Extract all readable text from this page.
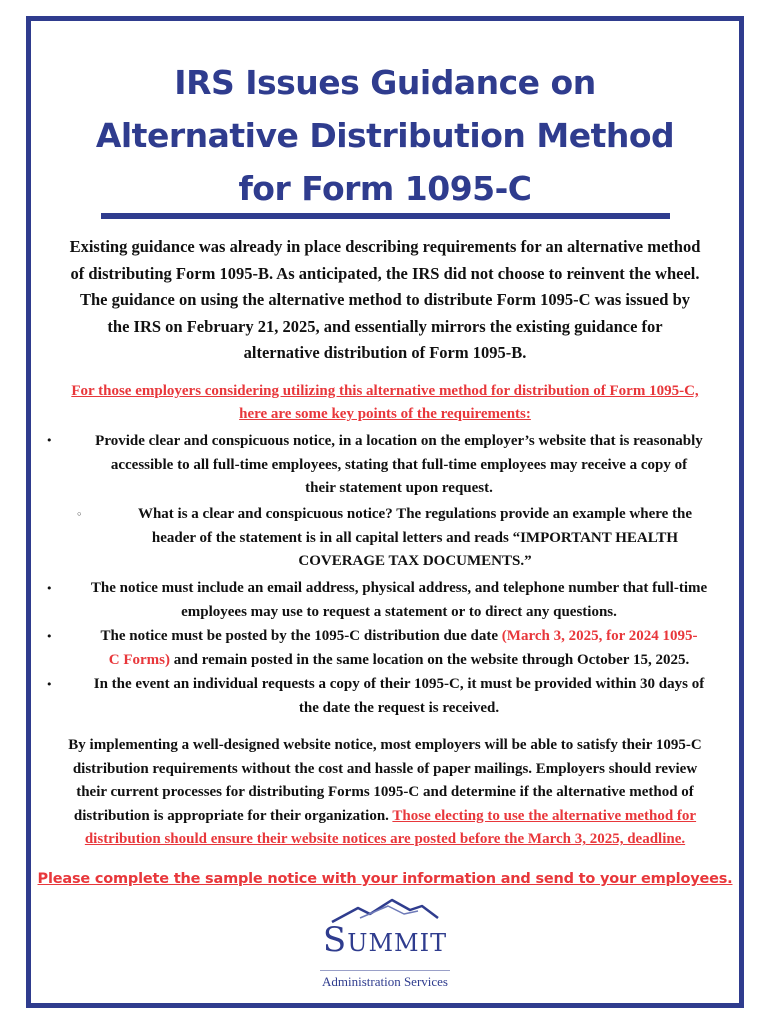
IRS Issues Guidance on
Alternative Distribution Method
for Form 1095-C

Existing guidance was already in place describing requirements for an alternative method
of distributing Form 1095-B. As anticipated, the IRS did not choose to reinvent the wheel.
The guidance on using the alternative method to distribute Form 1095-C was issued by
the IRS on February 21, 2025, and essentially mirrors the existing guidance for
alternative distribution of Form 1095-B.

For those employers considering utilizing this alternative method for distribution of Form 1095-C,
here are some key points of the requirements:

•	Provide clear and conspicuous notice, in a location on the employer’s website that is reasonably
accessible to all full-time employees, stating that full-time employees may receive a copy of
their statement upon request.

◦	What is a clear and conspicuous notice? The regulations provide an example where the
header of the statement is in all capital letters and reads “IMPORTANT HEALTH
COVERAGE TAX DOCUMENTS.”

•	The notice must include an email address, physical address, and telephone number that full-time
employees may use to request a statement or to direct any questions.

•	The notice must be posted by the 1095-C distribution due date (March 3, 2025, for 2024 1095-
C Forms) and remain posted in the same location on the website through October 15, 2025.

•	In the event an individual requests a copy of their 1095-C, it must be provided within 30 days of
the date the request is received.

By implementing a well-designed website notice, most employers will be able to satisfy their 1095-C
distribution requirements without the cost and hassle of paper mailings. Employers should review
their current processes for distributing Forms 1095-C and determine if the alternative method of
distribution is appropriate for their organization. Those electing to use the alternative method for
distribution should ensure their website notices are posted before the March 3, 2025, deadline.

Please complete the sample notice with your information and send to your employees.

Summit

Administration Services
